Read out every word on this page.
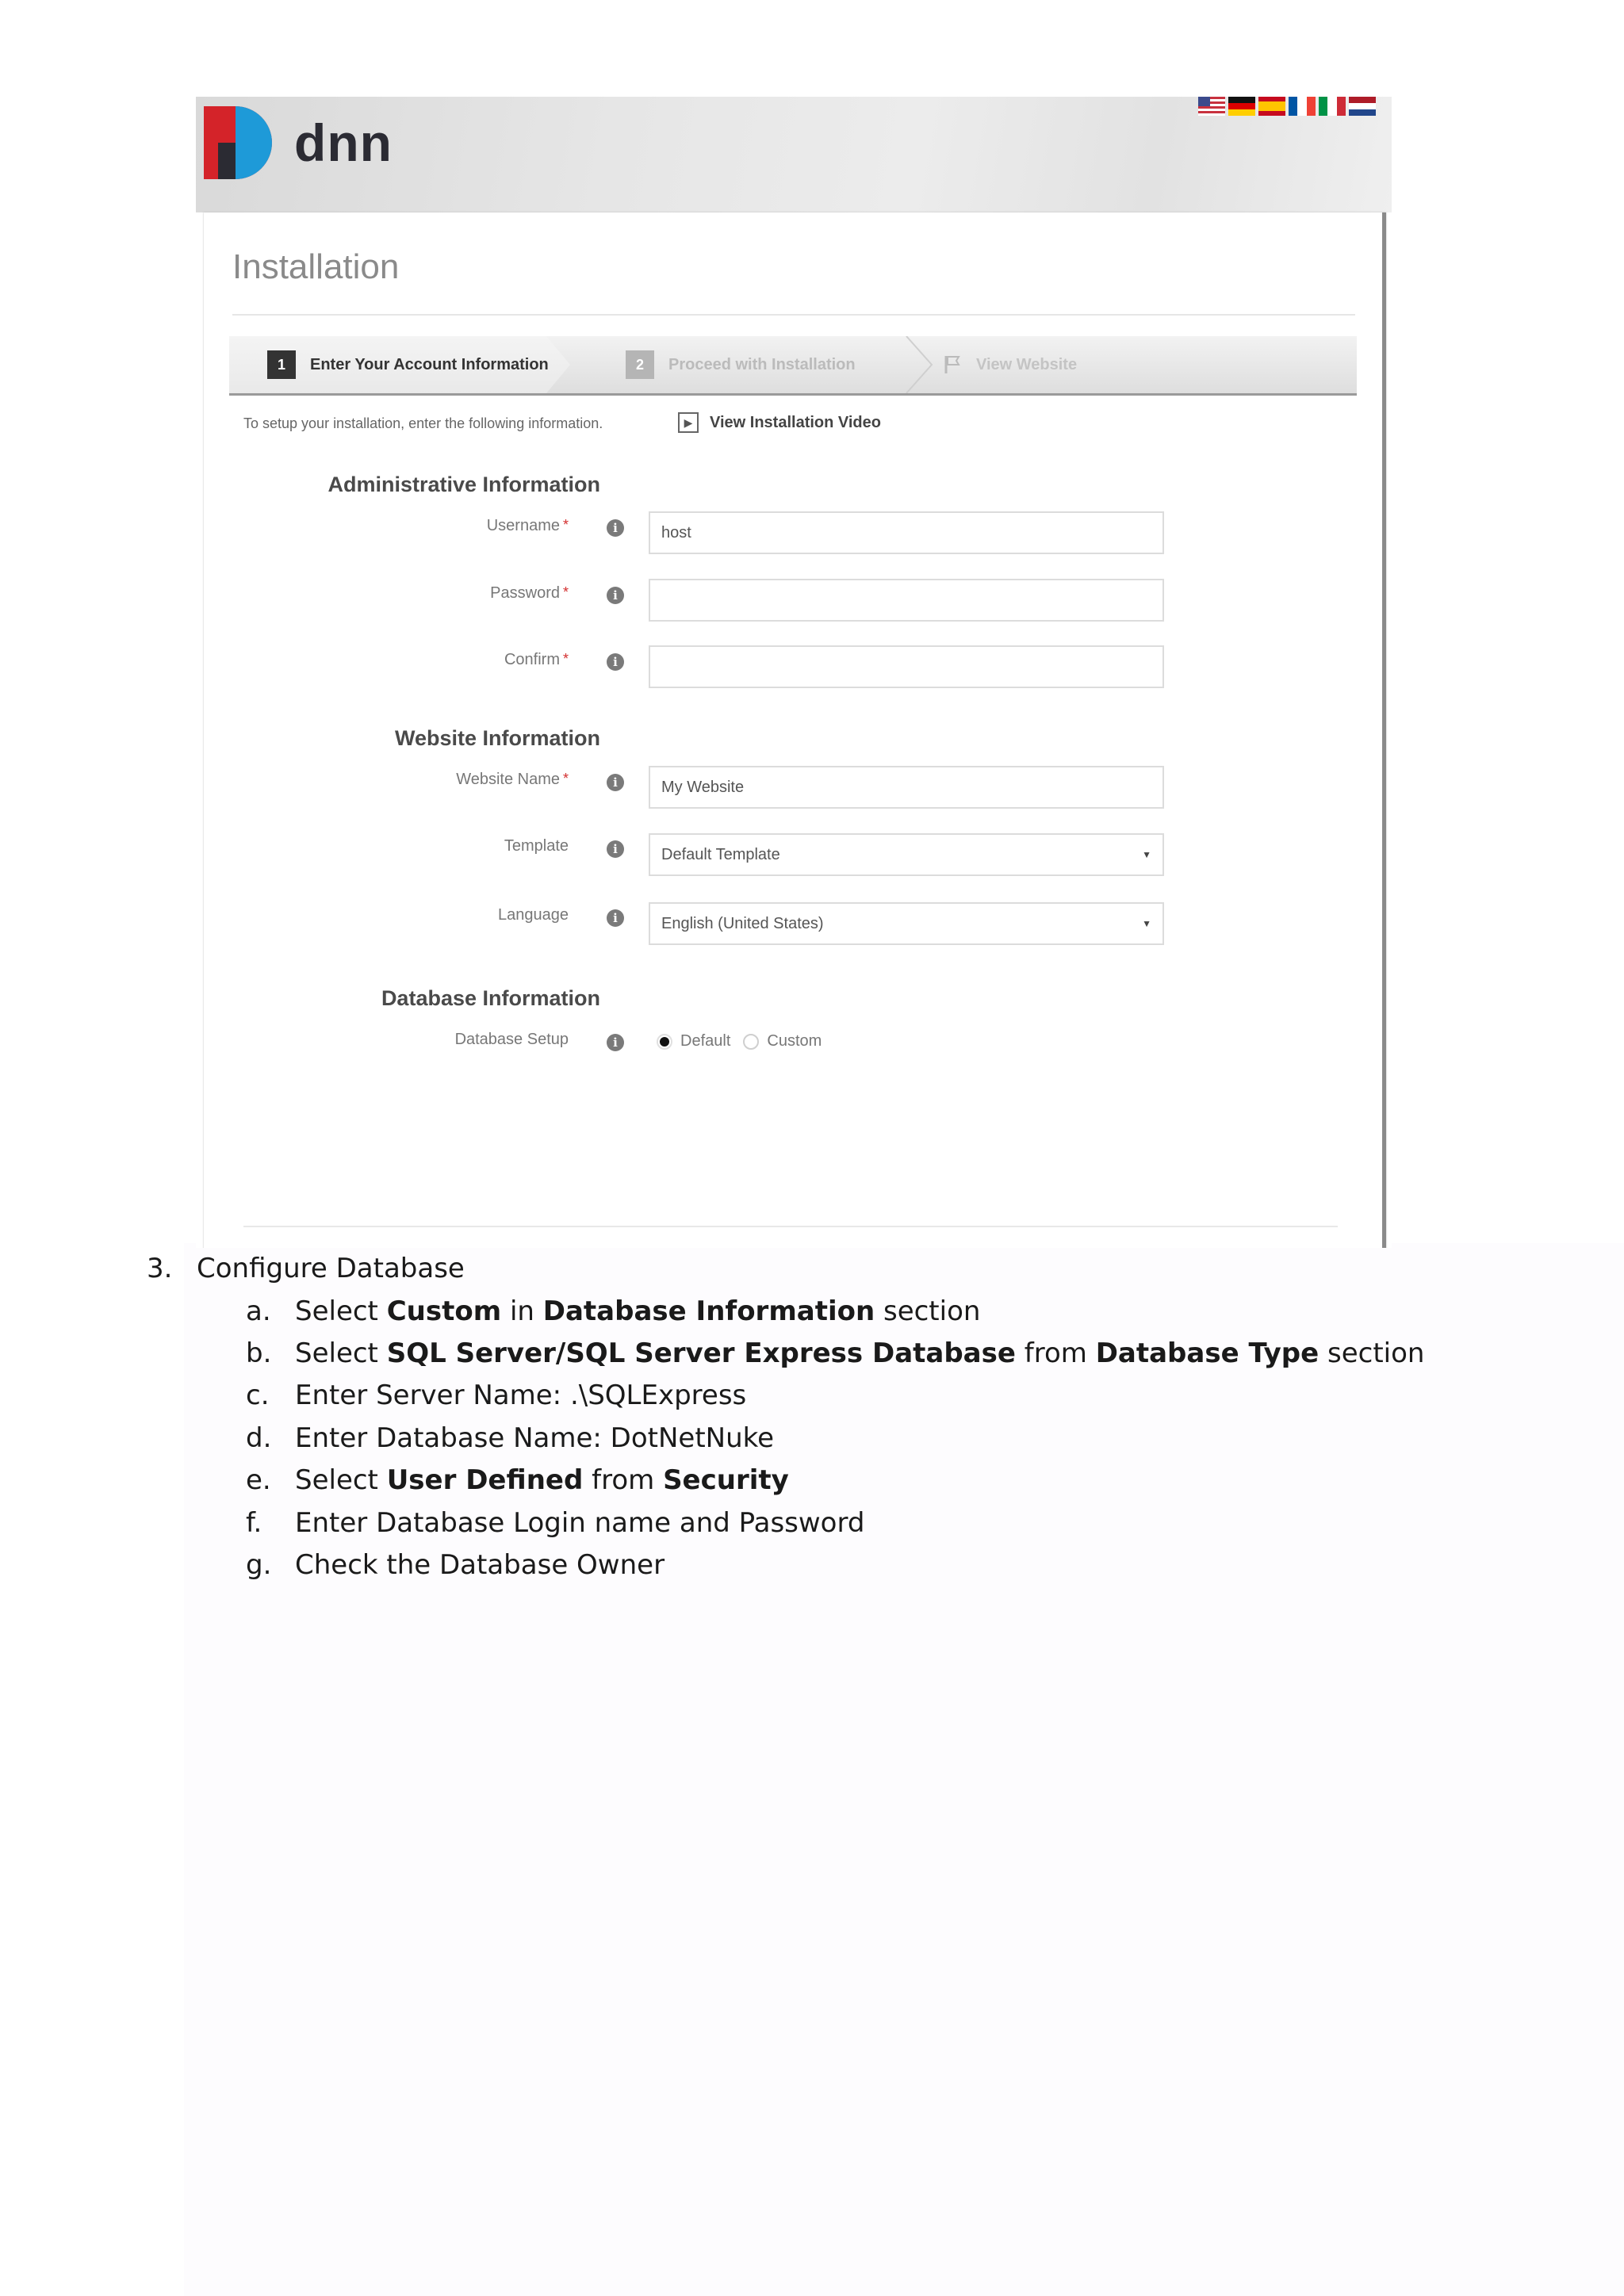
dnn
Installation
1	Enter Your Account Information	2	Proceed with Installation	View Website
To setup your installation, enter the following information.	▶	View Installation Video
Administrative Information
Username *	i	host
Password *	i
Confirm *	i
Website Information
Website Name *	i	My Website
Template	i	Default Template	▼
Language	i	English (United States)	▼
Database Information
Database Setup	i	Default Custom
3. Configure Database
a. Select Custom in Database Information section
b. Select SQL Server/SQL Server Express Database from Database Type section
c. Enter Server Name: .\SQLExpress
d. Enter Database Name: DotNetNuke
e. Select User Defined from Security
f. Enter Database Login name and Password
g. Check the Database Owner
